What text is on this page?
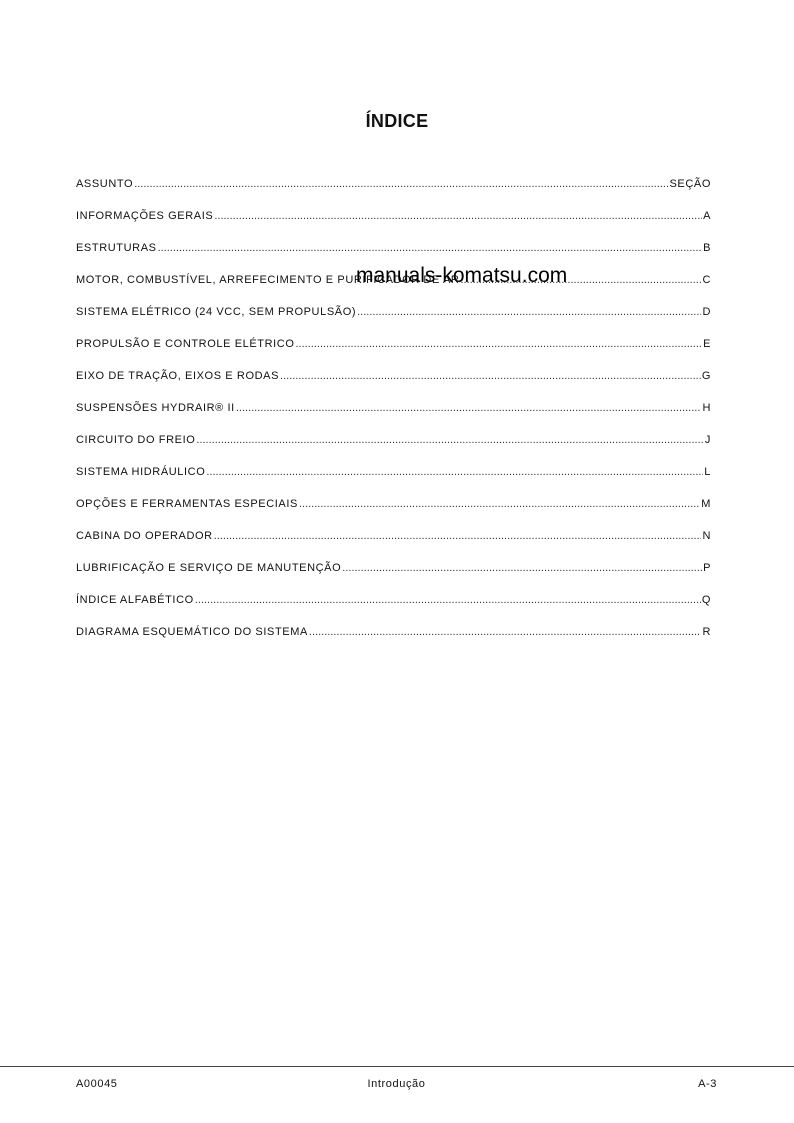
ÍNDICE
ASSUNTO .....	SEÇÃO
INFORMAÇÕES GERAIS .....	A
ESTRUTURAS .....	B
MOTOR, COMBUSTÍVEL, ARREFECIMENTO E PURIFICADOR DE AR .....	C
SISTEMA ELÉTRICO (24 VCC, SEM PROPULSÃO) .....	D
PROPULSÃO E CONTROLE ELÉTRICO .....	E
EIXO DE TRAÇÃO, EIXOS E RODAS .....	G
SUSPENSÕES HYDRAIR® II .....	H
CIRCUITO DO FREIO .....	J
SISTEMA HIDRÁULICO .....	L
OPÇÕES E FERRAMENTAS ESPECIAIS .....	M
CABINA DO OPERADOR .....	N
LUBRIFICAÇÃO E SERVIÇO DE MANUTENÇÃO .....	P
ÍNDICE ALFABÉTICO .....	Q
DIAGRAMA ESQUEMÁTICO DO SISTEMA .....	R
manuals-komatsu.com
A00045	Introdução	A-3
